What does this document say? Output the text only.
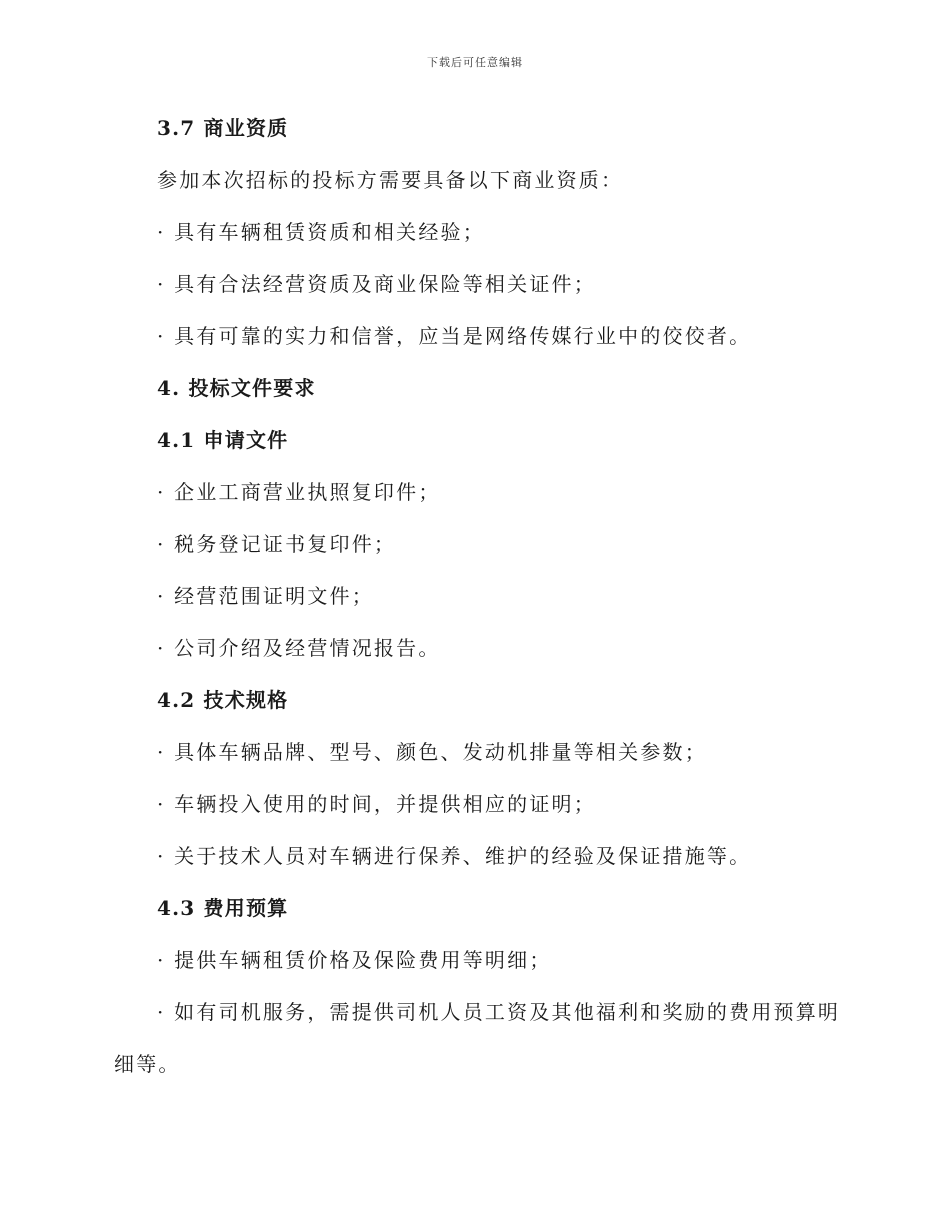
下载后可任意编辑
3.7 商业资质
参加本次招标的投标方需要具备以下商业资质：
· 具有车辆租赁资质和相关经验；
· 具有合法经营资质及商业保险等相关证件；
· 具有可靠的实力和信誉，应当是网络传媒行业中的佼佼者。
4. 投标文件要求
4.1 申请文件
· 企业工商营业执照复印件；
· 税务登记证书复印件；
· 经营范围证明文件；
· 公司介绍及经营情况报告。
4.2 技术规格
· 具体车辆品牌、型号、颜色、发动机排量等相关参数；
· 车辆投入使用的时间，并提供相应的证明；
· 关于技术人员对车辆进行保养、维护的经验及保证措施等。
4.3 费用预算
· 提供车辆租赁价格及保险费用等明细；
· 如有司机服务，需提供司机人员工资及其他福利和奖励的费用预算明
细等。
